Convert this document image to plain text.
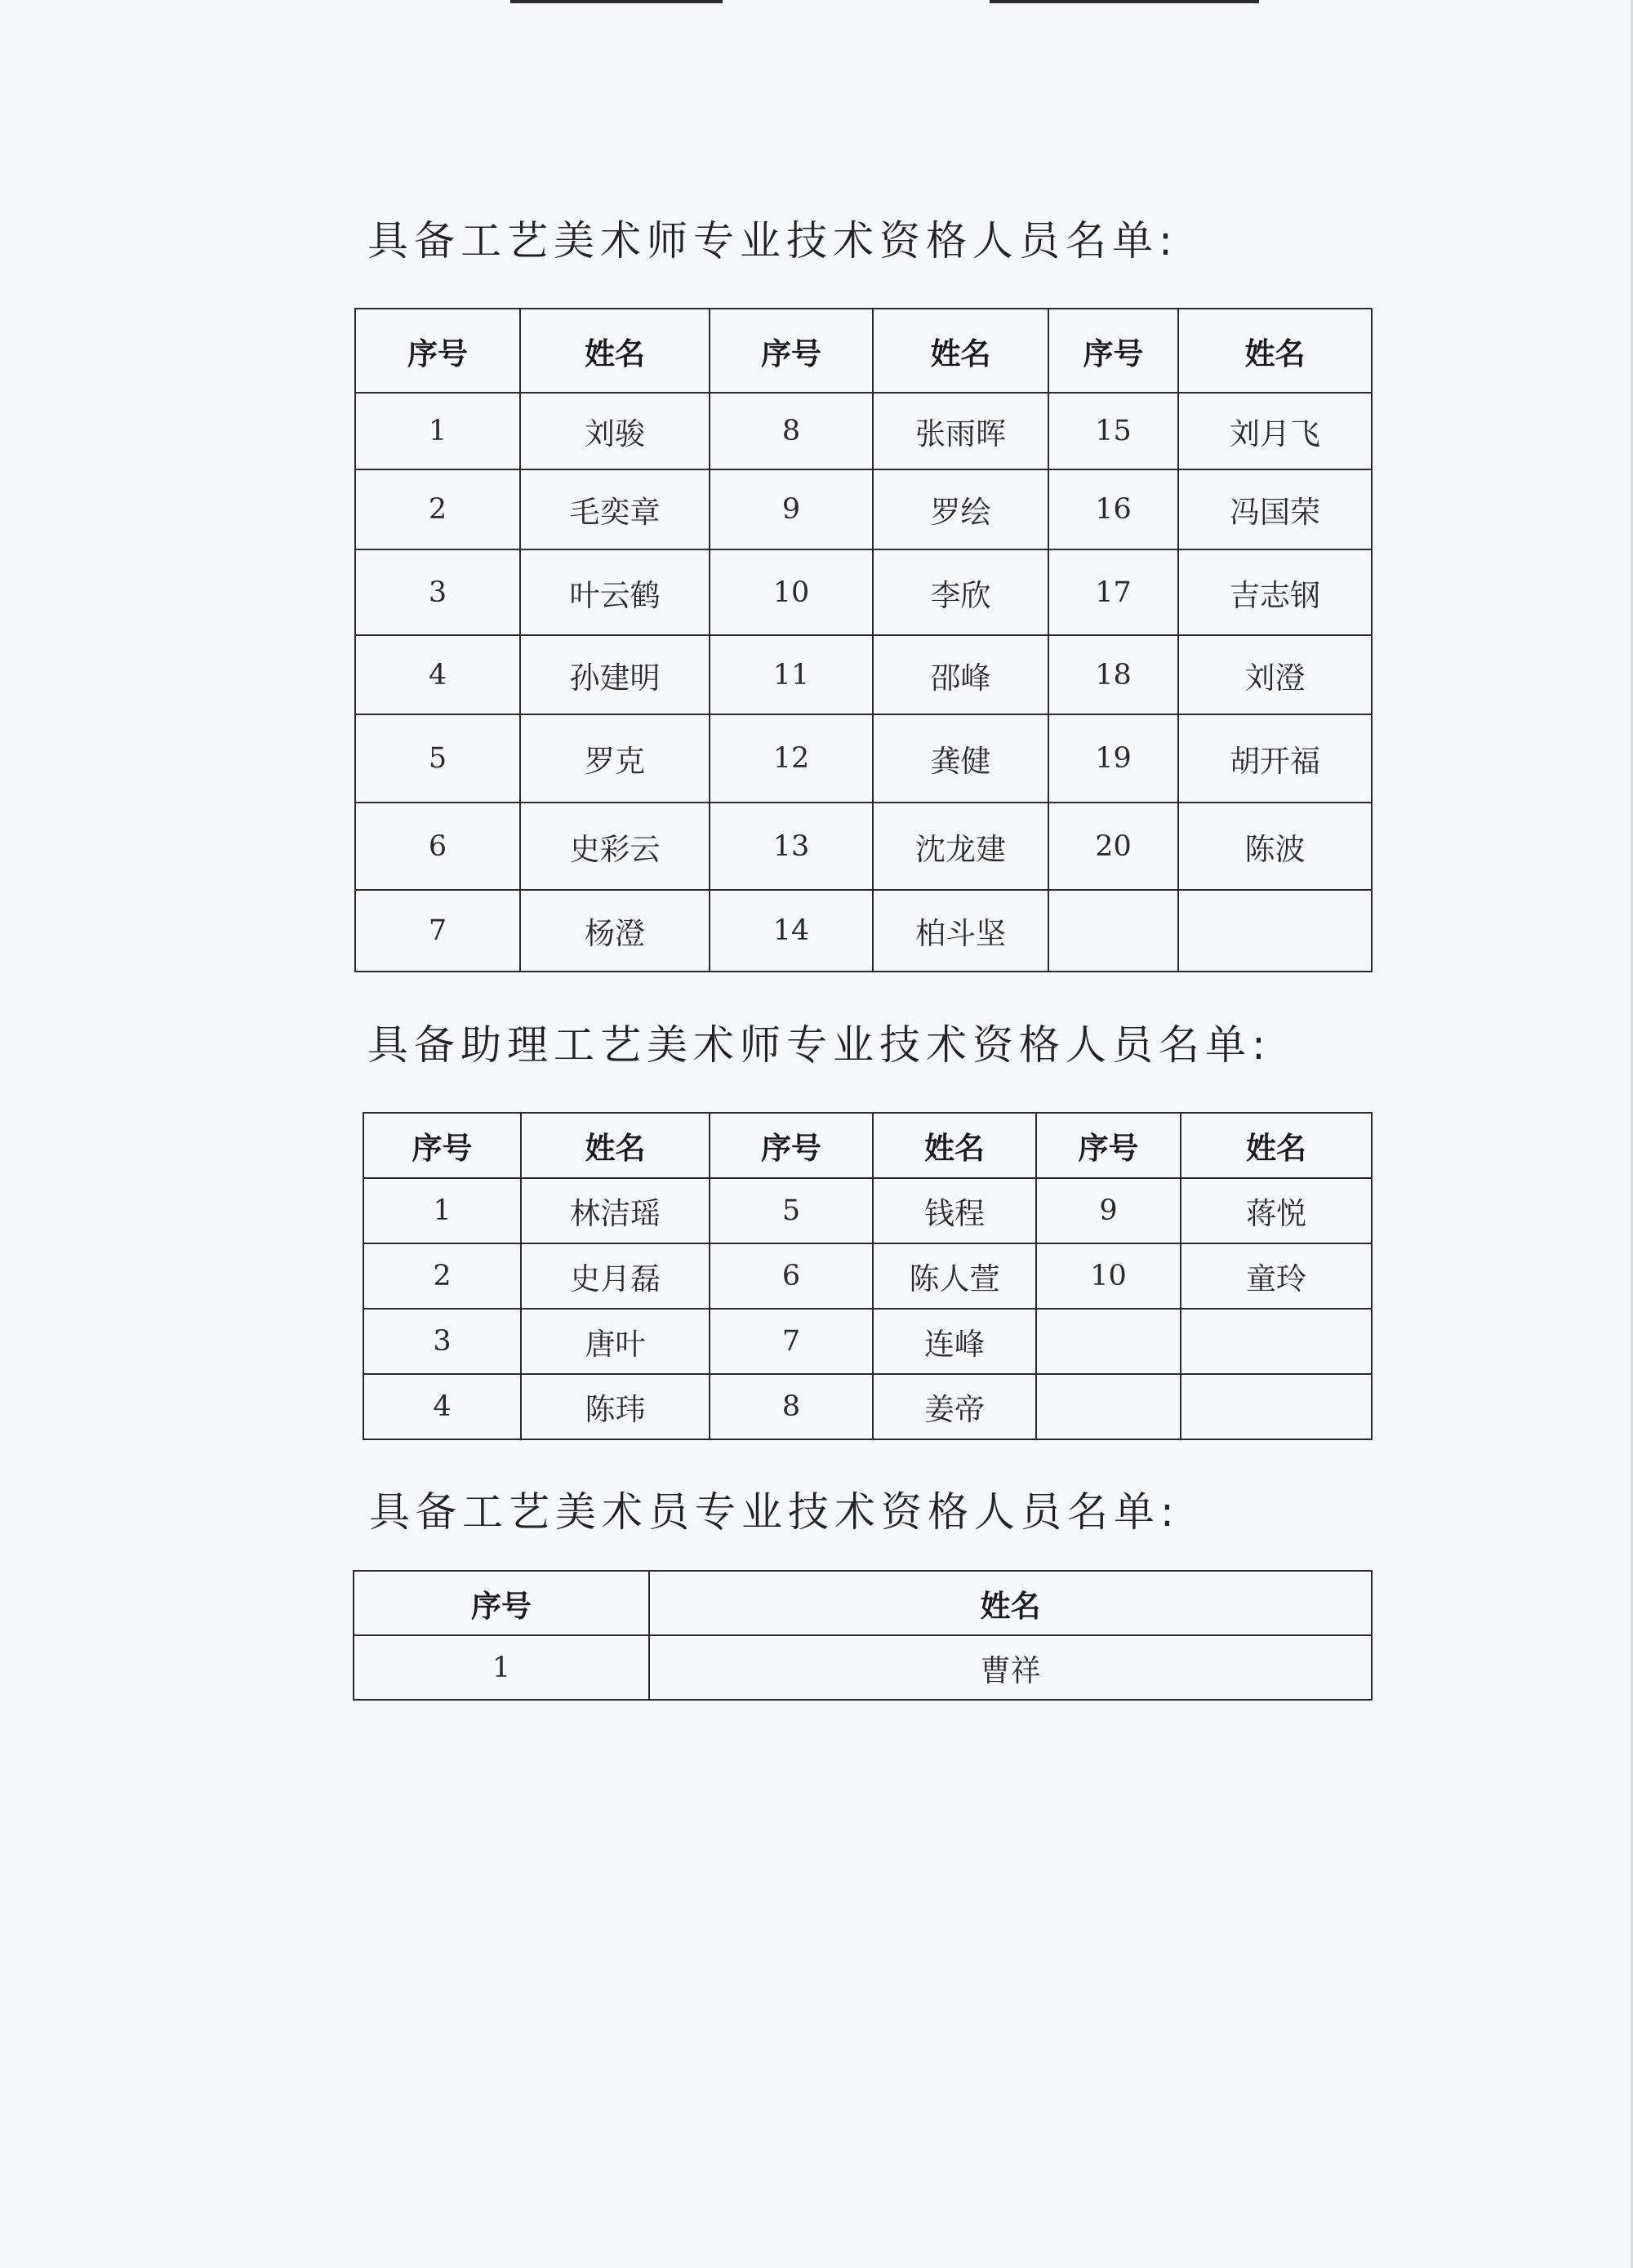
具备工艺美术师专业技术资格人员名单:
序号	姓名	序号	姓名	序号	姓名
1	刘骏	8	张雨晖	15	刘月飞
2	毛奕章	9	罗绘	16	冯国荣
3	叶云鹤	10	李欣	17	吉志钢
4	孙建明	11	邵峰	18	刘澄
5	罗克	12	龚健	19	胡开福
6	史彩云	13	沈龙建	20	陈波
7	杨澄	14	柏斗坚		
具备助理工艺美术师专业技术资格人员名单:
序号	姓名	序号	姓名	序号	姓名
1	林洁瑶	5	钱程	9	蒋悦
2	史月磊	6	陈人萱	10	童玲
3	唐叶	7	连峰		
4	陈玮	8	姜帝		
具备工艺美术员专业技术资格人员名单:
序号	姓名
1	曹祥
